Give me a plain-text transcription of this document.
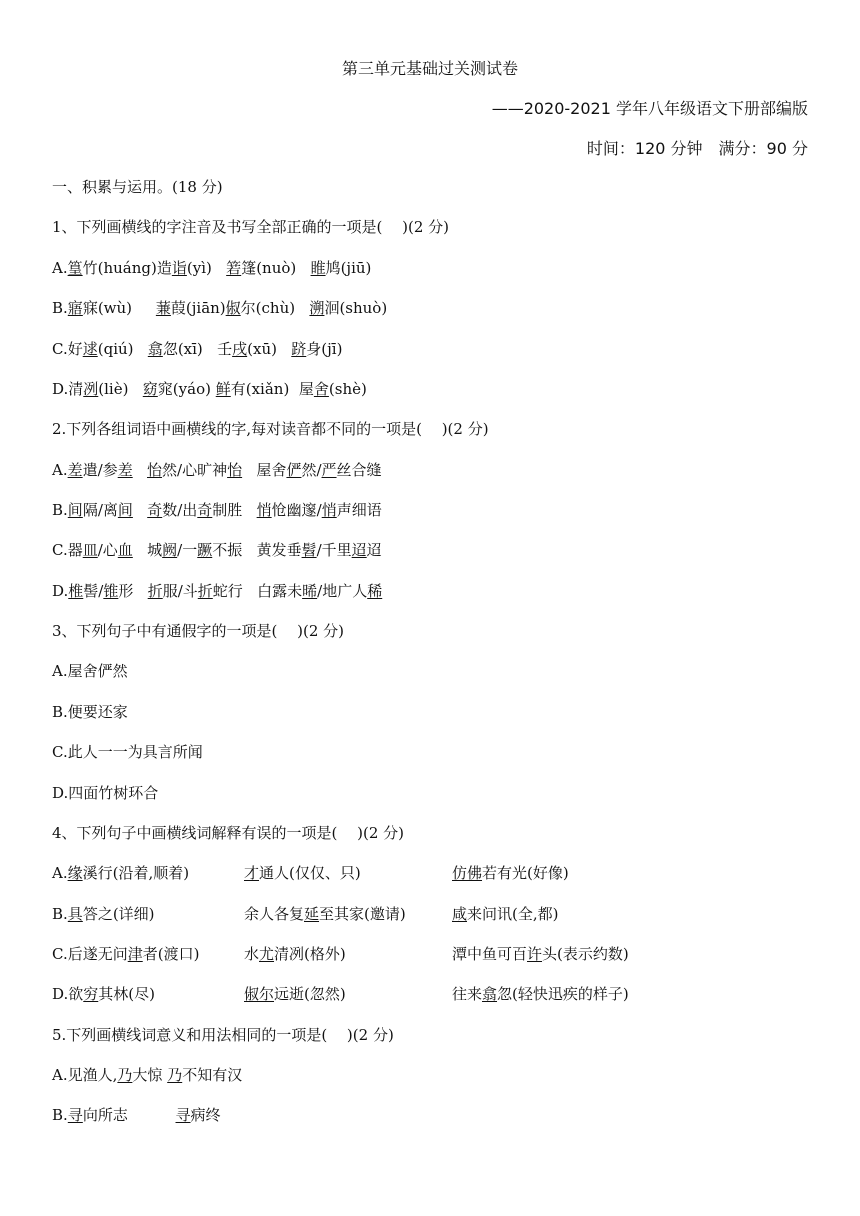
第三单元基础过关测试卷
——2020-2021 学年八年级语文下册部编版
时间：120 分钟　满分：90 分
一、积累与运用。(18 分)
1、下列画横线的字注音及书写全部正确的一项是(　 )(2 分)
A.篁竹(huáng)造诣(yì) 箬篷(nuò) 睢鸠(jiū)
B.寤寐(wù) 蒹葭(jiān)俶尔(chù) 溯洄(shuò)
C.好逑(qiú) 翕忽(xī) 壬戌(xū) 跻身(jī)
D.清冽(liè) 窈窕(yáo) 鲜有(xiǎn) 屋舍(shè)
2.下列各组词语中画横线的字,每对读音都不同的一项是(　 )(2 分)
A.差遣/参差 怡然/心旷神怡 屋舍俨然/严丝合缝
B.间隔/离间 奇数/出奇制胜 悄怆幽邃/悄声细语
C.器皿/心血 城阙/一蹶不振 黄发垂髫/千里迢迢
D.椎髻/锥形 折服/斗折蛇行 白露未晞/地广人稀
3、下列句子中有通假字的一项是(　 )(2 分)
A.屋舍俨然
B.便要还家
C.此人一一为具言所闻
D.四面竹树环合
4、下列句子中画横线词解释有误的一项是(　 )(2 分)
A.缘溪行(沿着,顺着)	才通人(仅仅、只)	仿佛若有光(好像)
B.具答之(详细)	余人各复延至其家(邀请)	咸来问讯(全,都)
C.后遂无问津者(渡口)	水尤清冽(格外)	潭中鱼可百许头(表示约数)
D.欲穷其林(尽)	俶尔远逝(忽然)	往来翕忽(轻快迅疾的样子)
5.下列画横线词意义和用法相同的一项是(　 )(2 分)
A.见渔人,乃大惊 乃不知有汉
B.寻向所志	寻病终
